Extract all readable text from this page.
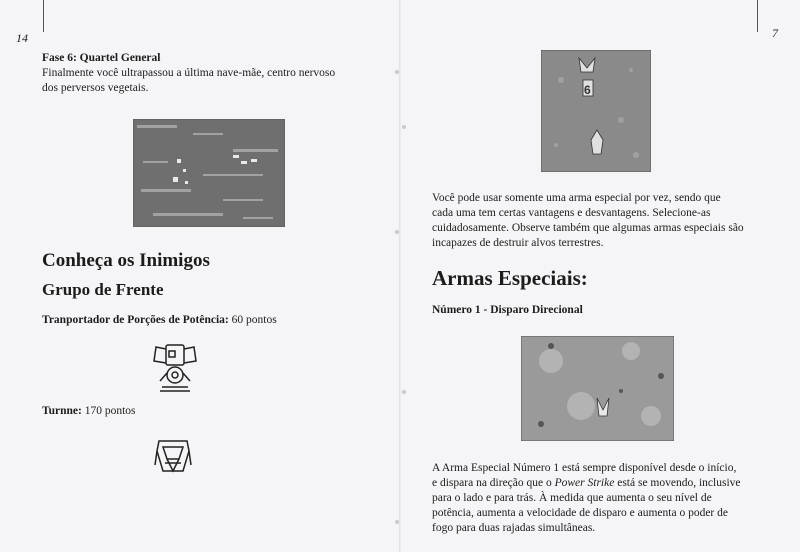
14
Fase 6: Quartel General
Finalmente você ultrapassou a última nave-mãe, centro nervoso
dos perversos vegetais.
Conheça os Inimigos
Grupo de Frente
Tranportador de Porções de Potência: 60 pontos
Turnne: 170 pontos
7
6
Você pode usar somente uma arma especial por vez, sendo que
cada uma tem certas vantagens e desvantagens. Selecione-as
cuidadosamente. Observe também que algumas armas especiais são
incapazes de destruir alvos terrestres.
Armas Especiais:
Número 1 - Disparo Direcional
A Arma Especial Número 1 está sempre disponível desde o início,
e dispara na direção que o Power Strike está se movendo, inclusive
para o lado e para trás. À medida que aumenta o seu nível de
potência, aumenta a velocidade de disparo e aumenta o poder de
fogo para duas rajadas simultâneas.
